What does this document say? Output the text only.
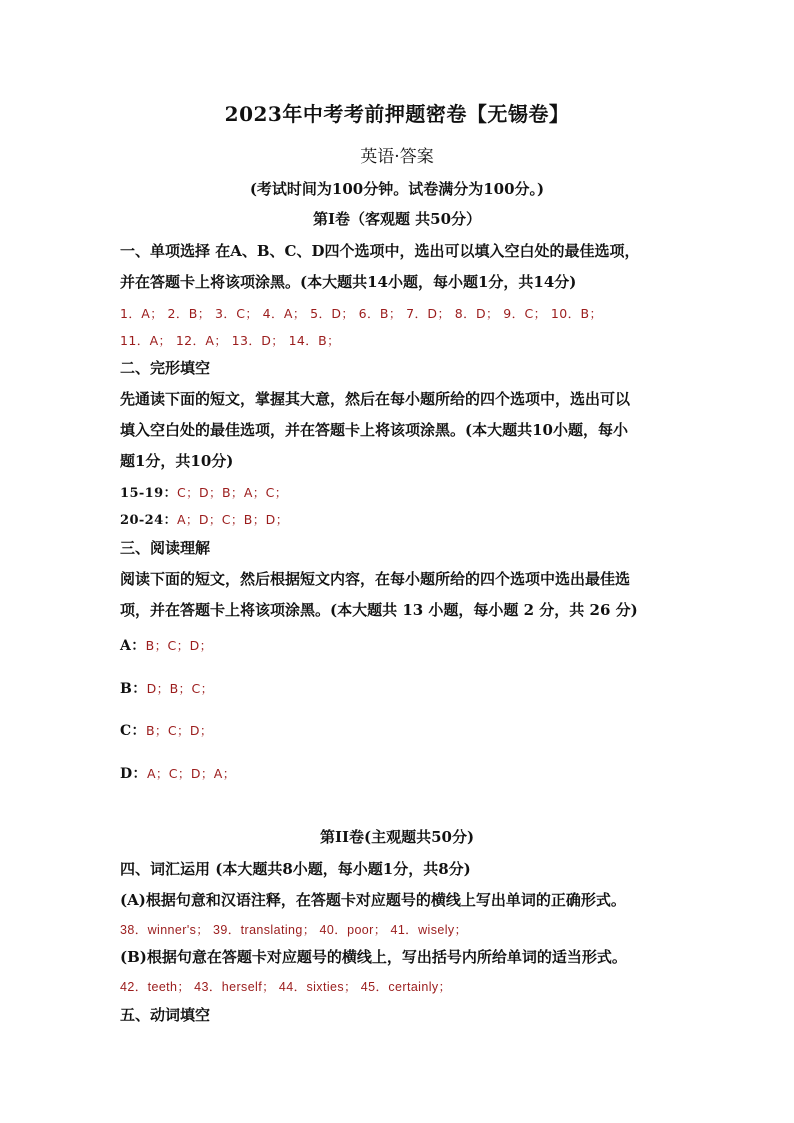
2023年中考考前押题密卷【无锡卷】
英语·答案
(考试时间为100分钟。试卷满分为100分。)
第I卷（客观题 共50分）
一、单项选择 在A、B、C、D四个选项中，选出可以填入空白处的最佳选项，
并在答题卡上将该项涂黑。(本大题共14小题，每小题1分，共14分)
1．A； 2．B； 3．C； 4．A； 5．D； 6．B； 7．D； 8．D； 9．C； 10．B；
11．A； 12．A； 13．D； 14．B；
二、完形填空
先通读下面的短文，掌握其大意，然后在每小题所给的四个选项中，选出可以
填入空白处的最佳选项，并在答题卡上将该项涂黑。(本大题共10小题，每小
题1分，共10分)
15-19：C；D；B；A；C；
20-24：A；D；C；B；D；
三、阅读理解
阅读下面的短文，然后根据短文内容，在每小题所给的四个选项中选出最佳选
项，并在答题卡上将该项涂黑。(本大题共 13 小题，每小题 2 分，共 26 分)
A：B；C；D；
B：D；B；C；
C：B；C；D；
D：A；C；D；A；
第II卷(主观题共50分)
四、词汇运用 (本大题共8小题，每小题1分，共8分)
(A)根据句意和汉语注释，在答题卡对应题号的横线上写出单词的正确形式。
38．winner's； 39．translating； 40．poor； 41．wisely；
(B)根据句意在答题卡对应题号的横线上，写出括号内所给单词的适当形式。
42．teeth； 43．herself； 44．sixties； 45．certainly；
五、动词填空
